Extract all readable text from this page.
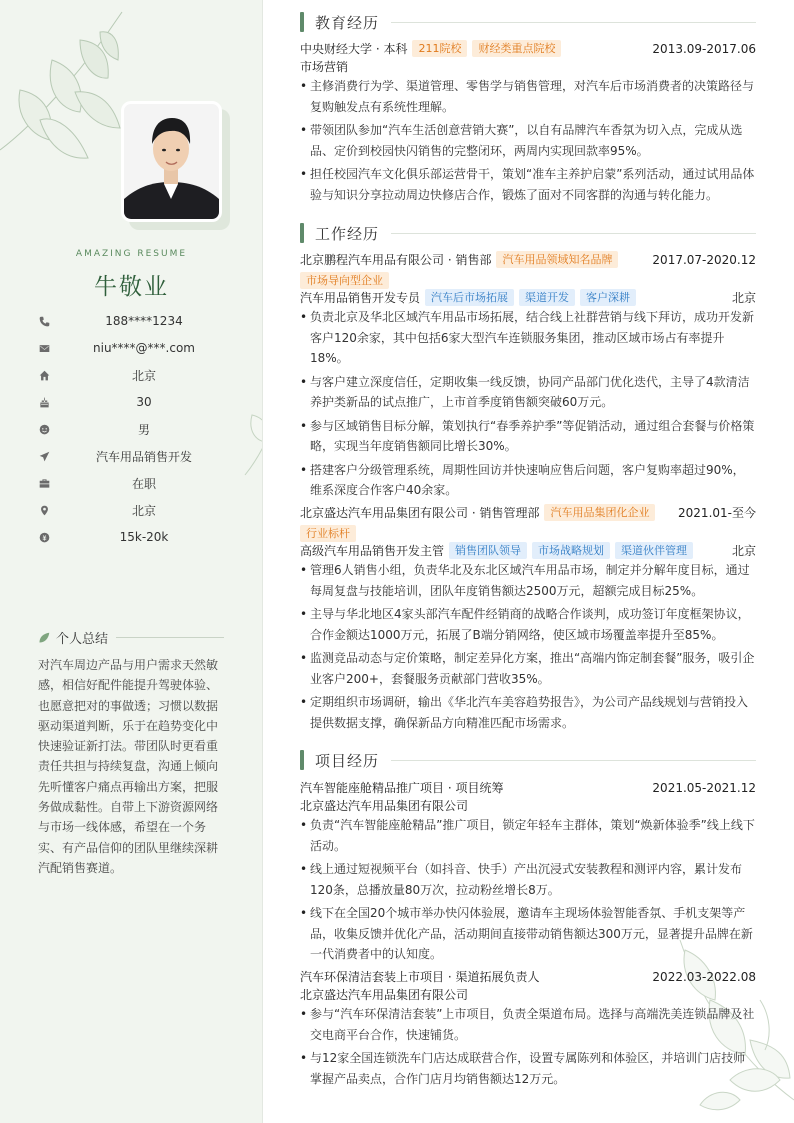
AMAZING RESUME
牛敬业
188****1234
niu****@***.com
北京
30
男
汽车用品销售开发
在职
北京
15k-20k
个人总结
对汽车周边产品与用户需求天然敏感，相信好配件能提升驾驶体验、也愿意把对的事做透；习惯以数据驱动渠道判断，乐于在趋势变化中快速验证新打法。带团队时更看重责任共担与持续复盘，沟通上倾向先听懂客户痛点再输出方案，把服务做成黏性。自带上下游资源网络与市场一线体感，希望在一个务实、有产品信仰的团队里继续深耕汽配销售赛道。
教育经历
中央财经大学 · 本科	211院校	财经类重点院校	2013.09-2017.06
市场营销
• 主修消费行为学、渠道管理、零售学与销售管理，对汽车后市场消费者的决策路径与复购触发点有系统性理解。
• 带领团队参加“汽车生活创意营销大赛”，以自有品牌汽车香氛为切入点，完成从选品、定价到校园快闪销售的完整闭环，两周内实现回款率95%。
• 担任校园汽车文化俱乐部运营骨干，策划“准车主养护启蒙”系列活动，通过试用品体验与知识分享拉动周边快修店合作，锻炼了面对不同客群的沟通与转化能力。
工作经历
北京鹏程汽车用品有限公司 · 销售部	汽车用品领域知名品牌	2017.07-2020.12
市场导向型企业
汽车用品销售开发专员	汽车后市场拓展	渠道开发	客户深耕	北京
• 负责北京及华北区域汽车用品市场拓展，结合线上社群营销与线下拜访，成功开发新客户120余家，其中包括6家大型汽车连锁服务集团，推动区域市场占有率提升18%。
• 与客户建立深度信任，定期收集一线反馈，协同产品部门优化迭代，主导了4款清洁养护类新品的试点推广，上市首季度销售额突破60万元。
• 参与区域销售目标分解，策划执行“春季养护季”等促销活动，通过组合套餐与价格策略，实现当年度销售额同比增长30%。
• 搭建客户分级管理系统，周期性回访并快速响应售后问题，客户复购率超过90%，维系深度合作客户40余家。
北京盛达汽车用品集团有限公司 · 销售管理部	汽车用品集团化企业	2021.01-至今
行业标杆
高级汽车用品销售开发主管	销售团队领导	市场战略规划	渠道伙伴管理	北京
• 管理6人销售小组，负责华北及东北区域汽车用品市场，制定并分解年度目标，通过每周复盘与技能培训，团队年度销售额达2500万元，超额完成目标25%。
• 主导与华北地区4家头部汽车配件经销商的战略合作谈判，成功签订年度框架协议，合作金额达1000万元，拓展了B端分销网络，使区域市场覆盖率提升至85%。
• 监测竞品动态与定价策略，制定差异化方案，推出“高端内饰定制套餐”服务，吸引企业客户200+，套餐服务贡献部门营收35%。
• 定期组织市场调研，输出《华北汽车美容趋势报告》，为公司产品线规划与营销投入提供数据支撑，确保新品方向精准匹配市场需求。
项目经历
汽车智能座舱精品推广项目 · 项目统筹	2021.05-2021.12
北京盛达汽车用品集团有限公司
• 负责“汽车智能座舱精品”推广项目，锁定年轻车主群体，策划“焕新体验季”线上线下活动。
• 线上通过短视频平台（如抖音、快手）产出沉浸式安装教程和测评内容，累计发布120条，总播放量80万次，拉动粉丝增长8万。
• 线下在全国20个城市举办快闪体验展，邀请车主现场体验智能香氛、手机支架等产品，收集反馈并优化产品，活动期间直接带动销售额达300万元，显著提升品牌在新一代消费者中的认知度。
汽车环保清洁套装上市项目 · 渠道拓展负责人	2022.03-2022.08
北京盛达汽车用品集团有限公司
• 参与“汽车环保清洁套装”上市项目，负责全渠道布局。选择与高端洗美连锁品牌及社交电商平台合作，快速铺货。
• 与12家全国连锁洗车门店达成联营合作，设置专属陈列和体验区，并培训门店技师掌握产品卖点，合作门店月均销售额达12万元。
